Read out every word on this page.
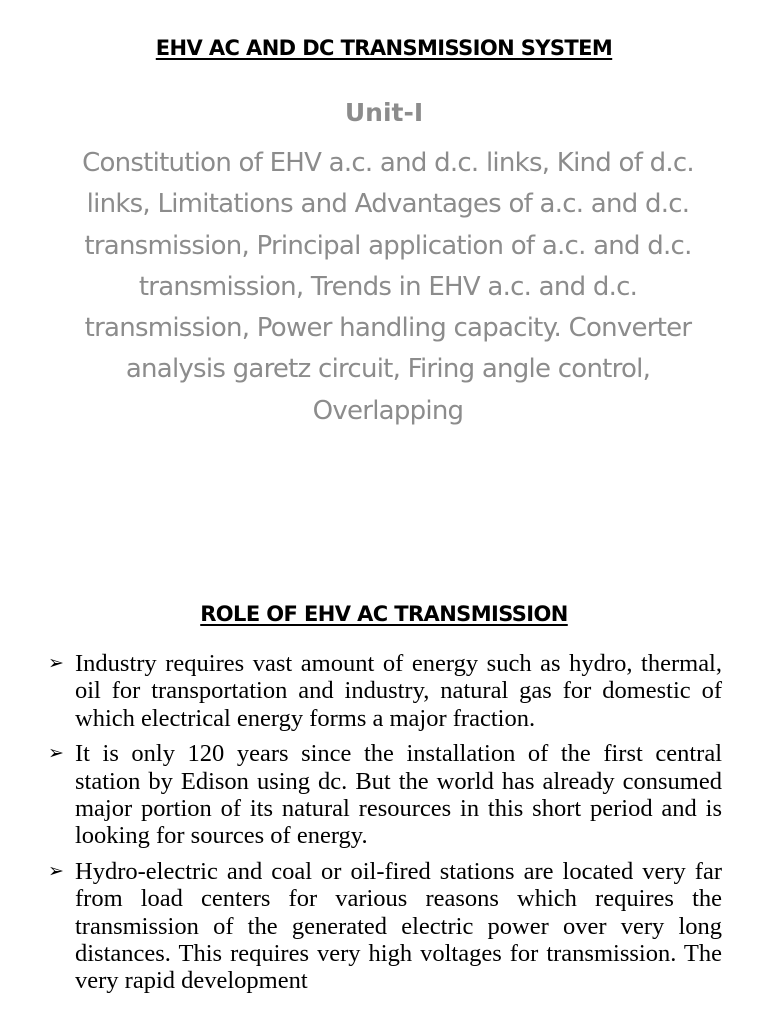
EHV AC AND DC TRANSMISSION SYSTEM
Unit-I
Constitution of EHV a.c. and d.c. links, Kind of d.c. links, Limitations and Advantages of a.c. and d.c. transmission, Principal application of a.c. and d.c. transmission, Trends in EHV a.c. and d.c. transmission, Power handling capacity. Converter analysis garetz circuit, Firing angle control, Overlapping
ROLE OF EHV AC TRANSMISSION
➢ Industry requires vast amount of energy such as hydro, thermal, oil for transportation and industry, natural gas for domestic of which electrical energy forms a major fraction.
➢ It is only 120 years since the installation of the first central station by Edison using dc. But the world has already consumed major portion of its natural resources in this short period and is looking for sources of energy.
➢ Hydro-electric and coal or oil-fired stations are located very far from load centers for various reasons which requires the transmission of the generated electric power over very long distances. This requires very high voltages for transmission. The very rapid development
